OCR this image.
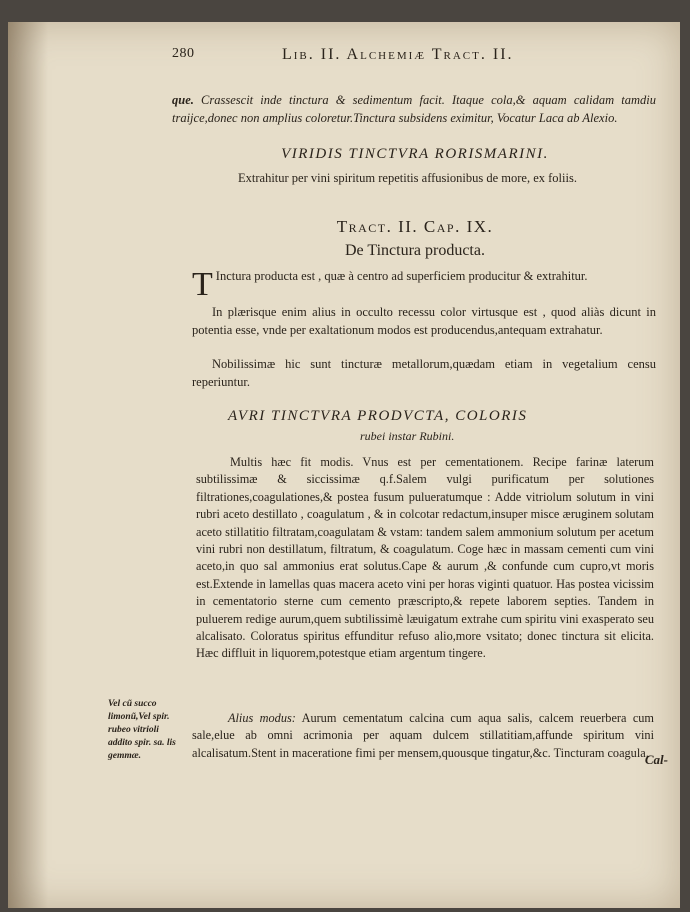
280	Lib. II. Alchemiæ Tract. II.
que. Crassescit inde tinctura & sedimentum facit. Itaque cola,& aquam calidam tamdiu traijce,donec non amplius coloretur.Tinctura subsidens eximitur, Vocatur Laca ab Alexio.
VIRIDIS TINCTVRA RORISMARINI.
Extrahitur per vini spiritum repetitis affusionibus de more, ex foliis.
Tract. II. Cap. IX.
De Tinctura producta.
T Inctura producta est , quæ à centro ad superficiem producitur & extrahitur.
In plærisque enim alius in occulto recessu color virtusque est , quod aliàs dicunt in potentia esse, vnde per exaltationum modos est producendus,antequam extrahatur.
Nobilissimæ hic sunt tincturæ metallorum,quædam etiam in vegetalium censu reperiuntur.
AVRI TINCTVRA PRODVCTA, COLORIS
rubei instar Rubini.
Multis hæc fit modis. Vnus est per cementationem. Recipe farinæ laterum subtilissimæ & siccissimæ q.f.Salem vulgi purificatum per solutiones filtrationes,coagulationes,& postea fusum pulueratumque : Adde vitriolum solutum in vini rubri aceto destillato , coagulatum , & in colcotar redactum,insuper misce æruginem solutam aceto stillatitio filtratam,coagulatam & vstam: tandem salem ammonium solutum per acetum vini rubri non destillatum, filtratum, & coagulatum. Coge hæc in massam cementi cum vini aceto,in quo sal ammonius erat solutus.Cape & aurum ,& confunde cum cupro,vt moris est.Extende in lamellas quas macera aceto vini per horas viginti quatuor. Has postea vicissim in cementatorio sterne cum cemento præscripto,& repete laborem septies. Tandem in puluerem redige aurum,quem subtilissimè læuigatum extrahe cum spiritu vini exasperato seu alcalisato. Coloratus spiritus effunditur refuso alio,more vsitato; donec tinctura sit elicita. Hæc diffluit in liquorem,potestque etiam argentum tingere.
Vel cũ succo limonũ,Vel spir. rubeo vitrioli addito spir. sa. lis gemmæ.
Alius modus: Aurum cementatum calcina cum aqua salis, calcem reuerbera cum sale,elue ab omni acrimonia per aquam dulcem stillatitiam,affunde spiritum vini alcalisatum.Stent in maceratione fimi per mensem,quousque tingatur,&c. Tincturam coagula.
Cal-
